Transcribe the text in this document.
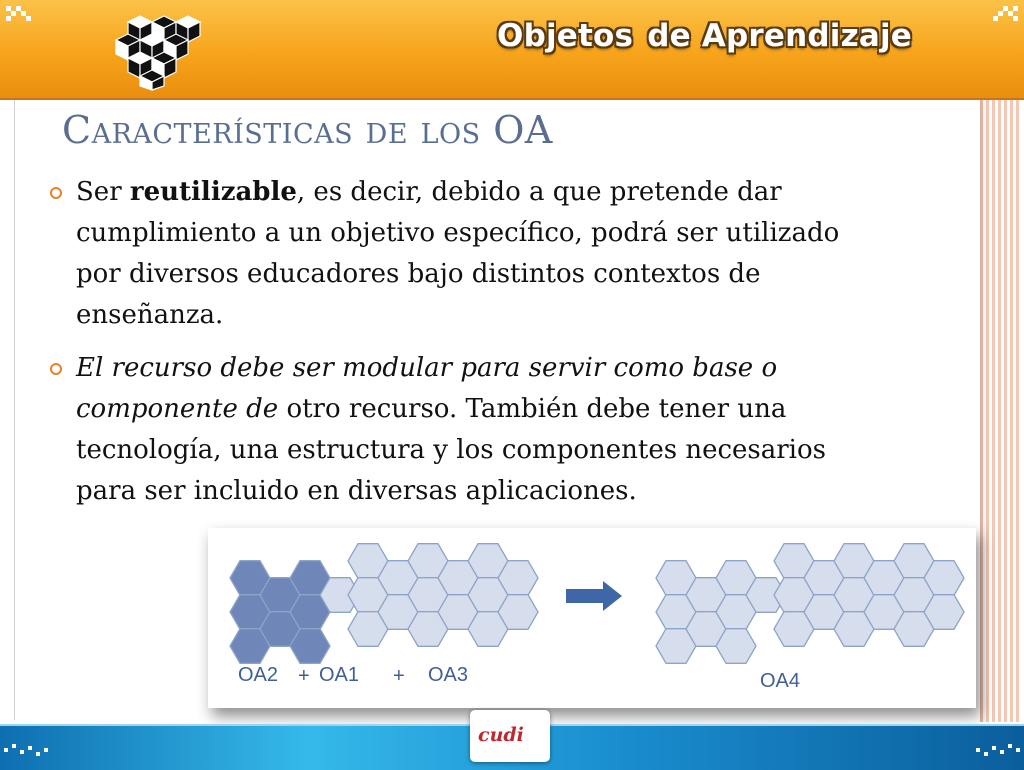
Objetos de Aprendizaje
Características de los OA
Ser reutilizable, es decir, debido a que pretende dar cumplimiento a un objetivo específico, podrá ser utilizado por diversos educadores bajo distintos contextos de enseñanza.
El recurso debe ser modular para servir como base o componente de otro recurso. También debe tener una tecnología, una estructura y los componentes necesarios para ser incluido en diversas aplicaciones.
OA2 + OA1 + OA3	OA4
cudi
